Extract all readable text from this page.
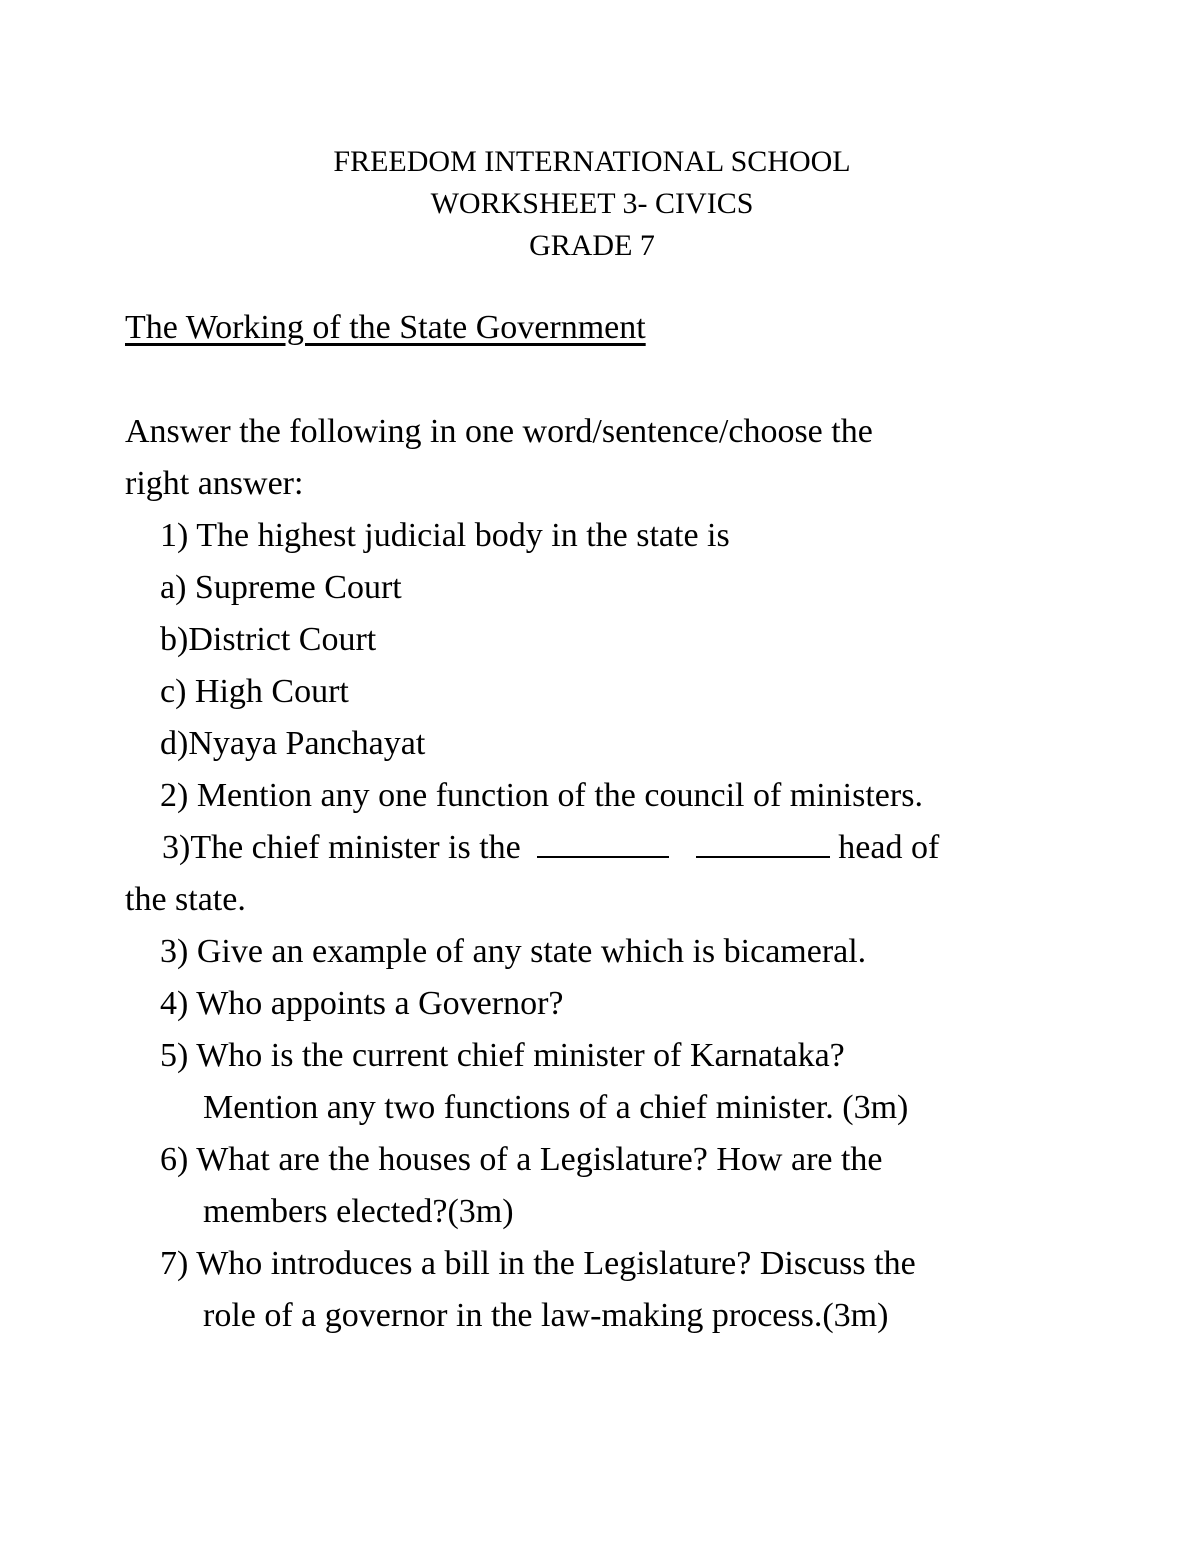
FREEDOM INTERNATIONAL SCHOOL
WORKSHEET 3- CIVICS
GRADE 7
The Working of the State Government
Answer the following in one word/sentence/choose the
right answer:
1) The highest judicial body in the state is
a) Supreme Court
b)District Court
c) High Court
d)Nyaya Panchayat
2) Mention any one function of the council of ministers.
3)The chief minister is the	head of
the state.
3) Give an example of any state which is bicameral.
4) Who appoints a Governor?
5) Who is the current chief minister of Karnataka?
Mention any two functions of a chief minister. (3m)
6) What are the houses of a Legislature? How are the
members elected?(3m)
7) Who introduces a bill in the Legislature? Discuss the
role of a governor in the law-making process.(3m)
